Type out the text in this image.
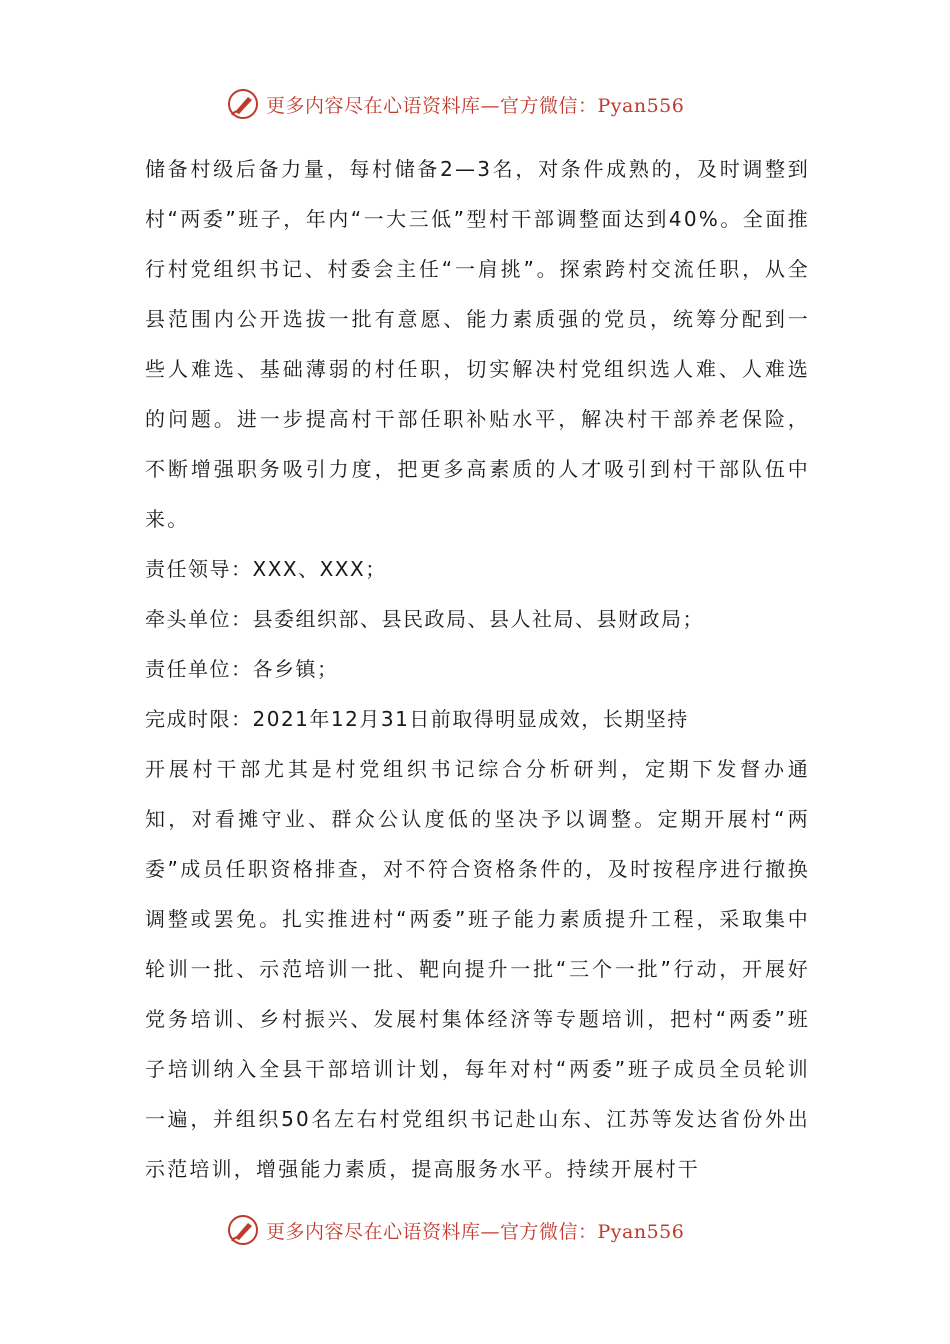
更多内容尽在心语资料库—官方微信：Pyan556

储备村级后备力量，每村储备2—3名，对条件成熟的，及时调整到村“两委”班子，年内“一大三低”型村干部调整面达到40%。全面推行村党组织书记、村委会主任“一肩挑”。探索跨村交流任职，从全县范围内公开选拔一批有意愿、能力素质强的党员，统筹分配到一些人难选、基础薄弱的村任职，切实解决村党组织选人难、人难选的问题。进一步提高村干部任职补贴水平，解决村干部养老保险，不断增强职务吸引力度，把更多高素质的人才吸引到村干部队伍中来。

责任领导：XXX、XXX；

牵头单位：县委组织部、县民政局、县人社局、县财政局；

责任单位：各乡镇；

完成时限：2021年12月31日前取得明显成效，长期坚持

开展村干部尤其是村党组织书记综合分析研判，定期下发督办通知，对看摊守业、群众公认度低的坚决予以调整。定期开展村“两委”成员任职资格排查，对不符合资格条件的，及时按程序进行撤换调整或罢免。扎实推进村“两委”班子能力素质提升工程，采取集中轮训一批、示范培训一批、靶向提升一批“三个一批”行动，开展好党务培训、乡村振兴、发展村集体经济等专题培训，把村“两委”班子培训纳入全县干部培训计划，每年对村“两委”班子成员全员轮训一遍，并组织50名左右村党组织书记赴山东、江苏等发达省份外出示范培训，增强能力素质，提高服务水平。持续开展村干

更多内容尽在心语资料库—官方微信：Pyan556
